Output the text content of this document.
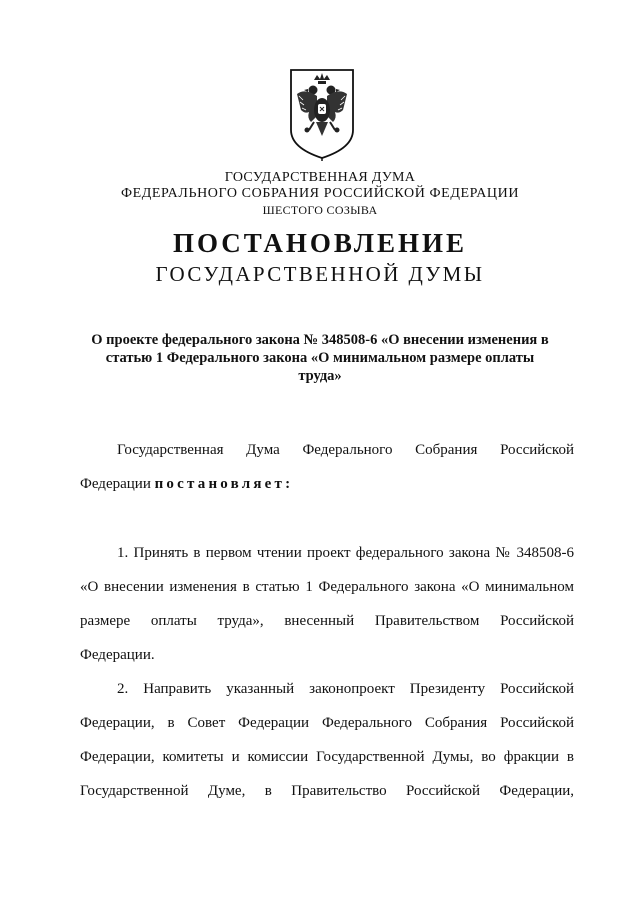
ГОСУДАРСТВЕННАЯ ДУМА
ФЕДЕРАЛЬНОГО СОБРАНИЯ РОССИЙСКОЙ ФЕДЕРАЦИИ
ШЕСТОГО СОЗЫВА
ПОСТАНОВЛЕНИЕ
ГОСУДАРСТВЕННОЙ ДУМЫ
О проекте федерального закона № 348508-6 «О внесении изменения в
статью 1 Федерального закона «О минимальном размере оплаты
труда»

Государственная Дума Федерального Собрания Российской

Федерации постановляет:

1. Принять в первом чтении проект федерального закона № 348508-6

«О внесении изменения в статью 1 Федерального закона «О минимальном

размере оплаты труда», внесенный Правительством Российской

Федерации.

2. Направить указанный законопроект Президенту Российской

Федерации, в Совет Федерации Федерального Собрания Российской

Федерации, комитеты и комиссии Государственной Думы, во фракции в

Государственной Думе, в Правительство Российской Федерации,
